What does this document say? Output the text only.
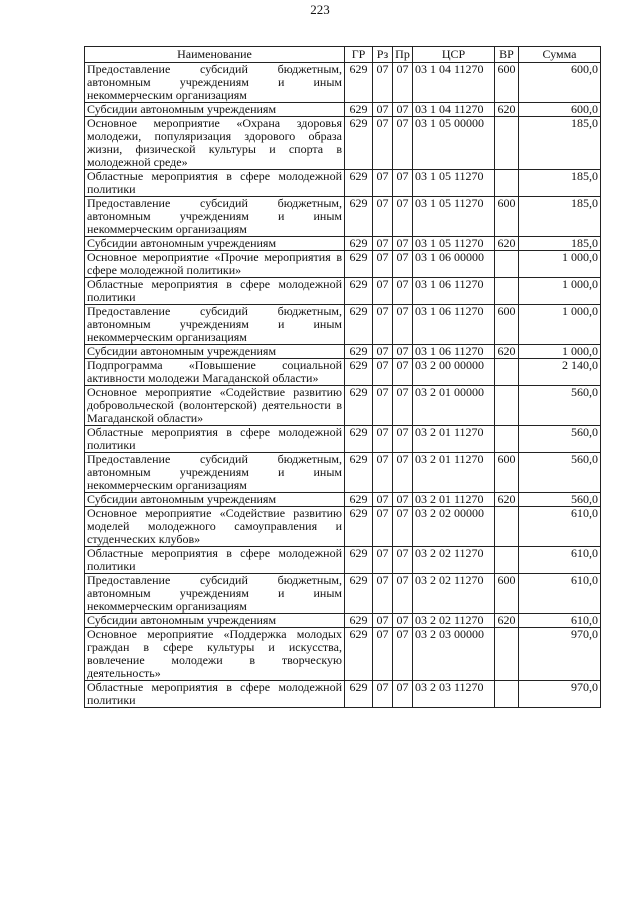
223
Наименование	ГР	Рз	Пр	ЦСР	ВР	Сумма
Предоставление субсидий бюджетным, автономным учреждениям и иным некоммерческим организациям	629	07	07	03 1 04 11270	600	600,0
Субсидии автономным учреждениям	629	07	07	03 1 04 11270	620	600,0
Основное мероприятие «Охрана здоровья молодежи, популяризация здорового образа жизни, физической культуры и спорта в молодежной среде»	629	07	07	03 1 05 00000		185,0
Областные мероприятия в сфере молодежной политики	629	07	07	03 1 05 11270		185,0
Предоставление субсидий бюджетным, автономным учреждениям и иным некоммерческим организациям	629	07	07	03 1 05 11270	600	185,0
Субсидии автономным учреждениям	629	07	07	03 1 05 11270	620	185,0
Основное мероприятие «Прочие мероприятия в сфере молодежной политики»	629	07	07	03 1 06 00000		1 000,0
Областные мероприятия в сфере молодежной политики	629	07	07	03 1 06 11270		1 000,0
Предоставление субсидий бюджетным, автономным учреждениям и иным некоммерческим организациям	629	07	07	03 1 06 11270	600	1 000,0
Субсидии автономным учреждениям	629	07	07	03 1 06 11270	620	1 000,0
Подпрограмма «Повышение социальной активности молодежи Магаданской области»	629	07	07	03 2 00 00000		2 140,0
Основное мероприятие «Содействие развитию добровольческой (волонтерской) деятельности в Магаданской области»	629	07	07	03 2 01 00000		560,0
Областные мероприятия в сфере молодежной политики	629	07	07	03 2 01 11270		560,0
Предоставление субсидий бюджетным, автономным учреждениям и иным некоммерческим организациям	629	07	07	03 2 01 11270	600	560,0
Субсидии автономным учреждениям	629	07	07	03 2 01 11270	620	560,0
Основное мероприятие «Содействие развитию моделей молодежного самоуправления и студенческих клубов»	629	07	07	03 2 02 00000		610,0
Областные мероприятия в сфере молодежной политики	629	07	07	03 2 02 11270		610,0
Предоставление субсидий бюджетным, автономным учреждениям и иным некоммерческим организациям	629	07	07	03 2 02 11270	600	610,0
Субсидии автономным учреждениям	629	07	07	03 2 02 11270	620	610,0
Основное мероприятие «Поддержка молодых граждан в сфере культуры и искусства, вовлечение молодежи в творческую деятельность»	629	07	07	03 2 03 00000		970,0
Областные мероприятия в сфере молодежной политики	629	07	07	03 2 03 11270		970,0
